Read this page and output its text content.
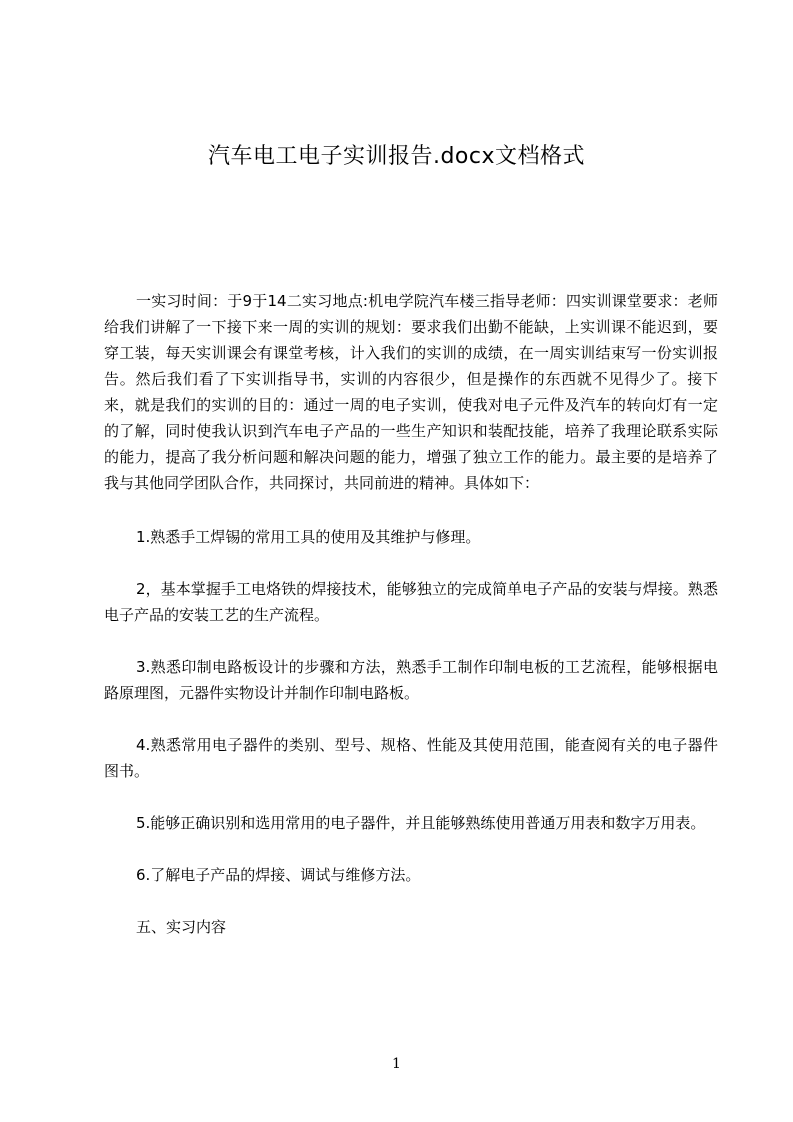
汽车电工电子实训报告.docx文档格式

一实习时间：于9于14二实习地点:机电学院汽车楼三指导老师：四实训课堂要求：老师给我们讲解了一下接下来一周的实训的规划：要求我们出勤不能缺，上实训课不能迟到，要穿工装，每天实训课会有课堂考核，计入我们的实训的成绩，在一周实训结束写一份实训报告。然后我们看了下实训指导书，实训的内容很少，但是操作的东西就不见得少了。接下来，就是我们的实训的目的：通过一周的电子实训，使我对电子元件及汽车的转向灯有一定的了解，同时使我认识到汽车电子产品的一些生产知识和装配技能，培养了我理论联系实际的能力，提高了我分析问题和解决问题的能力，增强了独立工作的能力。最主要的是培养了我与其他同学团队合作，共同探讨，共同前进的精神。具体如下：

1.熟悉手工焊锡的常用工具的使用及其维护与修理。

2，基本掌握手工电烙铁的焊接技术，能够独立的完成简单电子产品的安装与焊接。熟悉电子产品的安装工艺的生产流程。

3.熟悉印制电路板设计的步骤和方法，熟悉手工制作印制电板的工艺流程，能够根据电路原理图，元器件实物设计并制作印制电路板。

4.熟悉常用电子器件的类别、型号、规格、性能及其使用范围，能查阅有关的电子器件图书。

5.能够正确识别和选用常用的电子器件，并且能够熟练使用普通万用表和数字万用表。

6.了解电子产品的焊接、调试与维修方法。

五、实习内容

1
